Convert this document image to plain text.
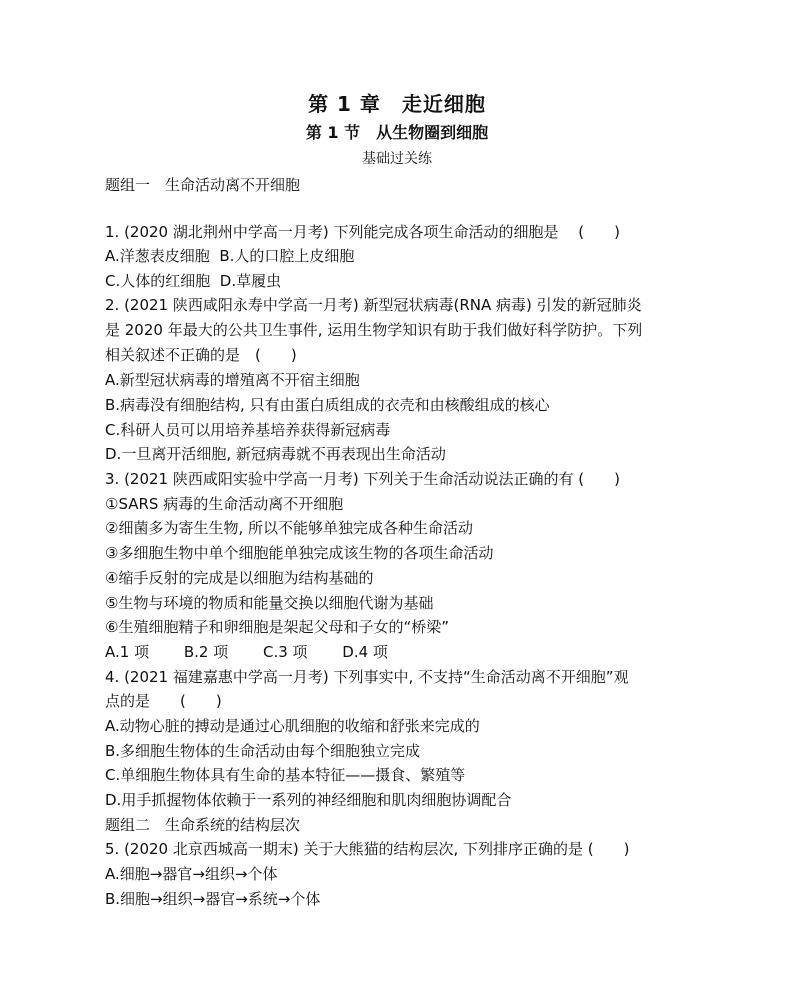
第 1 章　走近细胞
第 1 节　从生物圈到细胞
基础过关练
题组一　生命活动离不开细胞
1. (2020 湖北荆州中学高一月考) 下列能完成各项生命活动的细胞是　 (　　)
A.洋葱表皮细胞 B.人的口腔上皮细胞
C.人体的红细胞 D.草履虫
2. (2021 陕西咸阳永寿中学高一月考) 新型冠状病毒(RNA 病毒) 引发的新冠肺炎
是 2020 年最大的公共卫生事件, 运用生物学知识有助于我们做好科学防护。下列
相关叙述不正确的是　(　　)
A.新型冠状病毒的增殖离不开宿主细胞
B.病毒没有细胞结构, 只有由蛋白质组成的衣壳和由核酸组成的核心
C.科研人员可以用培养基培养获得新冠病毒
D.一旦离开活细胞, 新冠病毒就不再表现出生命活动
3. (2021 陕西咸阳实验中学高一月考) 下列关于生命活动说法正确的有 (　　)
①SARS 病毒的生命活动离不开细胞
②细菌多为寄生生物, 所以不能够单独完成各种生命活动
③多细胞生物中单个细胞能单独完成该生物的各项生命活动
④缩手反射的完成是以细胞为结构基础的
⑤生物与环境的物质和能量交换以细胞代谢为基础
⑥生殖细胞精子和卵细胞是架起父母和子女的“桥梁”
A.1 项　　 B.2 项　　 C.3 项　　 D.4 项
4. (2021 福建嘉惠中学高一月考) 下列事实中, 不支持“生命活动离不开细胞”观
点的是　　(　　)
A.动物心脏的搏动是通过心肌细胞的收缩和舒张来完成的
B.多细胞生物体的生命活动由每个细胞独立完成
C.单细胞生物体具有生命的基本特征——摄食、繁殖等
D.用手抓握物体依赖于一系列的神经细胞和肌肉细胞协调配合
题组二　生命系统的结构层次
5. (2020 北京西城高一期末) 关于大熊猫的结构层次, 下列排序正确的是 (　　)
A.细胞→器官→组织→个体
B.细胞→组织→器官→系统→个体
